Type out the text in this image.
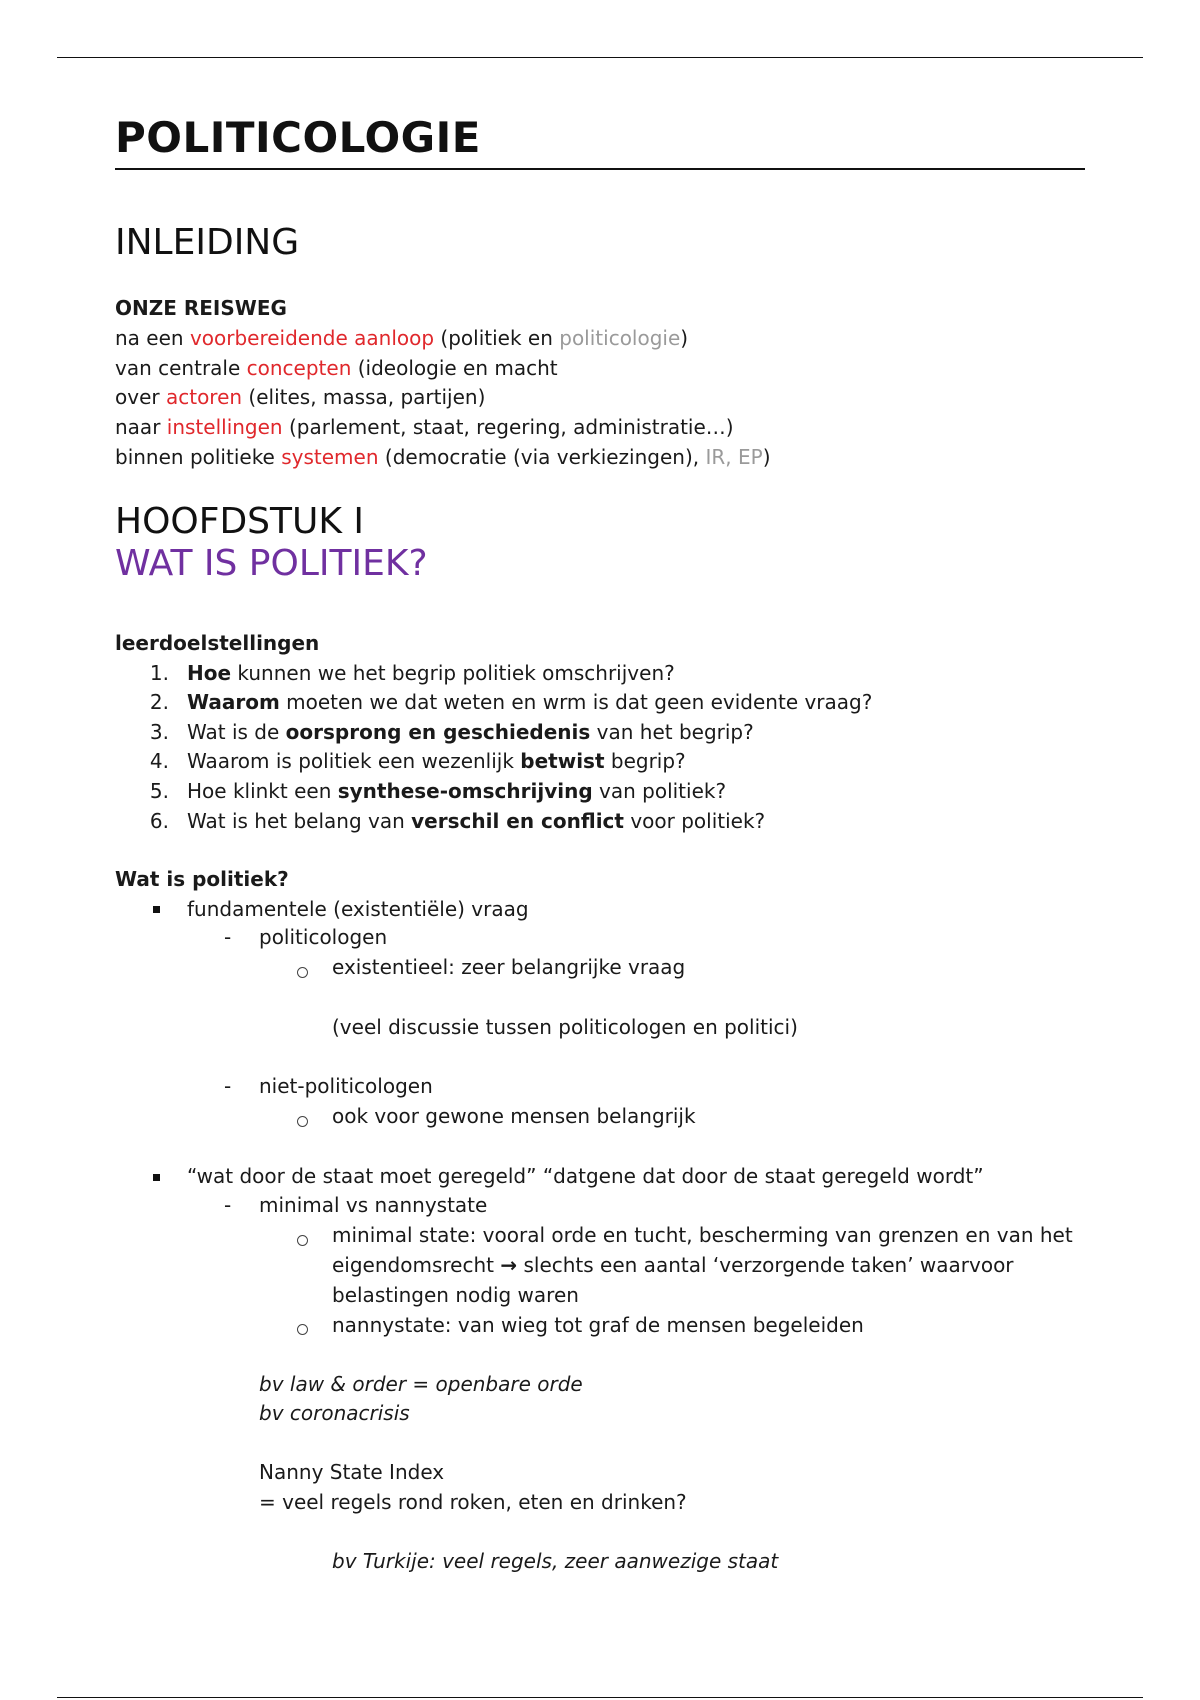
POLITICOLOGIE
INLEIDING
ONZE REISWEG
na een voorbereidende aanloop (politiek en politicologie)
van centrale concepten (ideologie en macht
over actoren (elites, massa, partijen)
naar instellingen (parlement, staat, regering, administratie…)
binnen politieke systemen (democratie (via verkiezingen), IR, EP)
HOOFDSTUK I
WAT IS POLITIEK?
leerdoelstellingen
1. Hoe kunnen we het begrip politiek omschrijven?
2. Waarom moeten we dat weten en wrm is dat geen evidente vraag?
3. Wat is de oorsprong en geschiedenis van het begrip?
4. Waarom is politiek een wezenlijk betwist begrip?
5. Hoe klinkt een synthese-omschrijving van politiek?
6. Wat is het belang van verschil en conflict voor politiek?
Wat is politiek?
fundamentele (existentiële) vraag
- politicologen
existentieel: zeer belangrijke vraag
(veel discussie tussen politicologen en politici)
- niet-politicologen
ook voor gewone mensen belangrijk
“wat door de staat moet geregeld” “datgene dat door de staat geregeld wordt”
- minimal vs nannystate
minimal state: vooral orde en tucht, bescherming van grenzen en van het
eigendomsrecht → slechts een aantal ‘verzorgende taken’ waarvoor
belastingen nodig waren
nannystate: van wieg tot graf de mensen begeleiden
bv law & order = openbare orde
bv coronacrisis
Nanny State Index
= veel regels rond roken, eten en drinken?
bv Turkije: veel regels, zeer aanwezige staat
